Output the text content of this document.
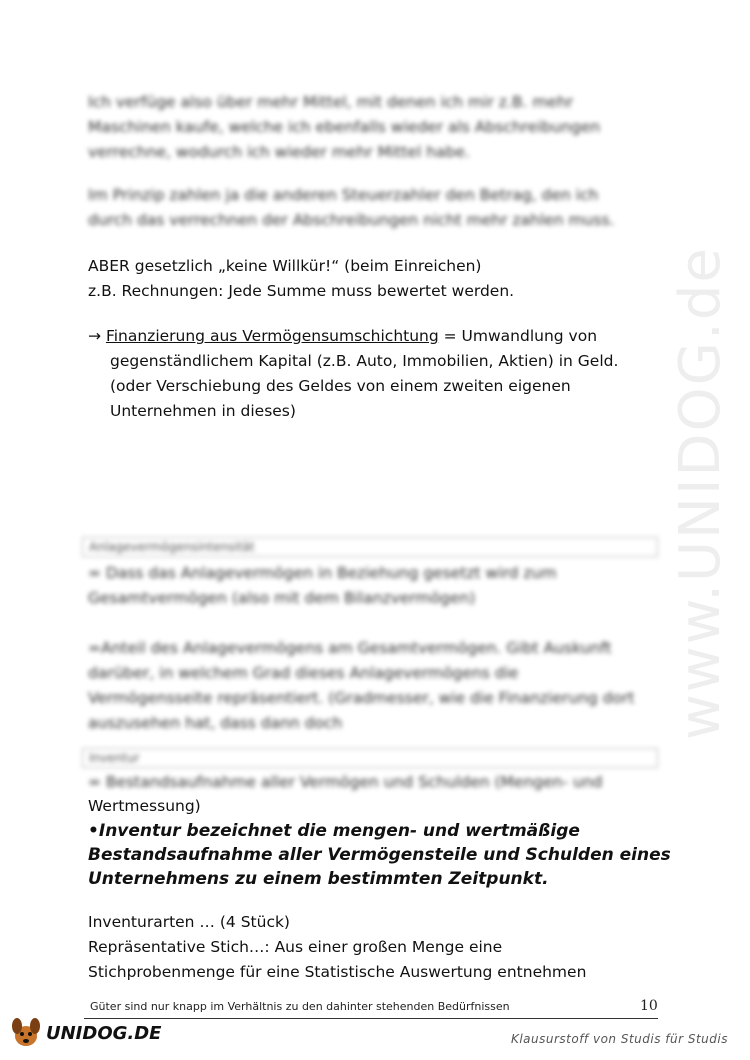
www.UNIDOG.de
Ich verfüge also über mehr Mittel, mit denen ich mir z.B. mehr
Maschinen kaufe, welche ich ebenfalls wieder als Abschreibungen
verrechne, wodurch ich wieder mehr Mittel habe.
Im Prinzip zahlen ja die anderen Steuerzahler den Betrag, den ich
durch das verrechnen der Abschreibungen nicht mehr zahlen muss.
ABER gesetzlich „keine Willkür!“ (beim Einreichen)
z.B. Rechnungen: Jede Summe muss bewertet werden.
→ Finanzierung aus Vermögensumschichtung = Umwandlung von
gegenständlichem Kapital (z.B. Auto, Immobilien, Aktien) in Geld.
(oder Verschiebung des Geldes von einem zweiten eigenen
Unternehmen in dieses)
Anlagevermögensintensität
= Dass das Anlagevermögen in Beziehung gesetzt wird zum
Gesamtvermögen (also mit dem Bilanzvermögen)
=Anteil des Anlagevermögens am Gesamtvermögen. Gibt Auskunft
darüber, in welchem Grad dieses Anlagevermögens die
Vermögensseite repräsentiert. (Gradmesser, wie die Finanzierung dort
auszusehen hat, dass dann doch
Inventur
= Bestandsaufnahme aller Vermögen und Schulden (Mengen- und
Wertmessung)
•Inventur bezeichnet die mengen- und wertmäßige
Bestandsaufnahme aller Vermögensteile und Schulden eines
Unternehmens zu einem bestimmten Zeitpunkt.
Inventurarten … (4 Stück)
Repräsentative Stich…: Aus einer großen Menge eine
Stichprobenmenge für eine Statistische Auswertung entnehmen
Güter sind nur knapp im Verhältnis zu den dahinter stehenden Bedürfnissen	10
UNIDOG.DE	Klausurstoff von Studis für Studis
